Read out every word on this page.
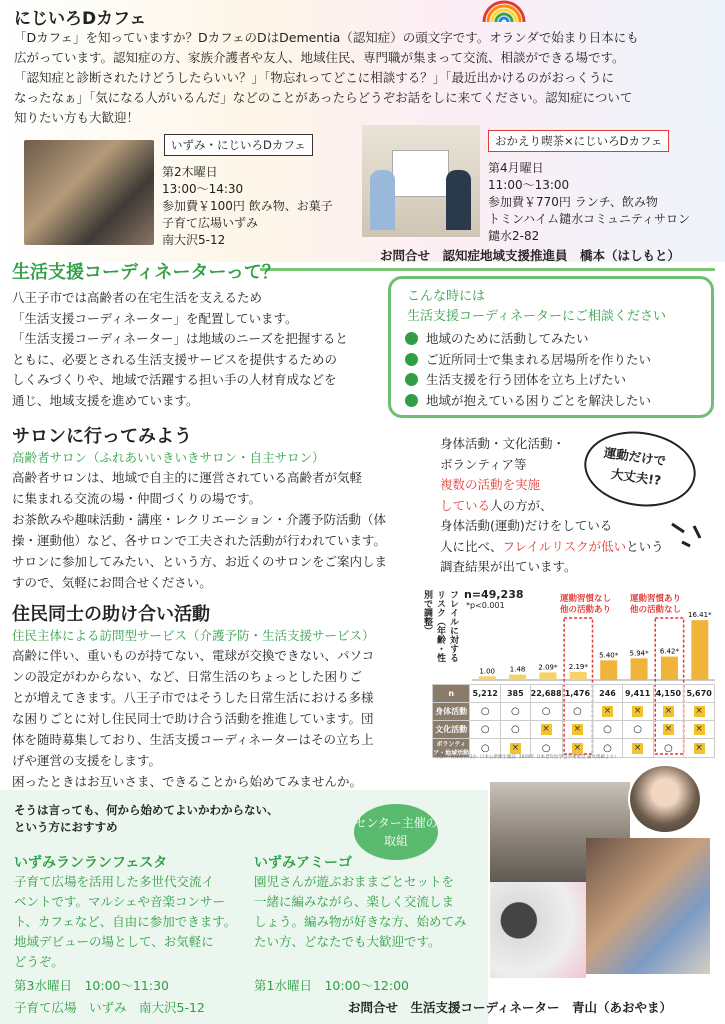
にじいろDカフェ
「Dカフェ」を知っていますか？DカフェのDはDementia（認知症）の頭文字です。オランダで始まり日本にも
広がっています。認知症の方、家族介護者や友人、地域住民、専門職が集まって交流、相談ができる場です。
「認知症と診断されたけどうしたらいい？」「物忘れってどこに相談する？」「最近出かけるのがおっくうに
なったなぁ」「気になる人がいるんだ」などのことがあったらどうぞお話をしに来てください。認知症について
知りたい方も大歓迎！
いずみ・にじいろDカフェ
第2木曜日
13:00～14:30
参加費￥100円 飲み物、お菓子
子育て広場いずみ
南大沢5-12
おかえり喫茶×にじいろDカフェ
第4月曜日
11:00～13:00
参加費￥770円 ランチ、飲み物
トミンハイム鑓水コミュニティサロン
鑓水2-82
お問合せ　認知症地域支援推進員　橋本（はしもと）
生活支援コーディネーターって？
八王子市では高齢者の在宅生活を支えるため
「生活支援コーディネーター」を配置しています。
「生活支援コーディネーター」は地域のニーズを把握すると
ともに、必要とされる生活支援サービスを提供するための
しくみづくりや、地域で活躍する担い手の人材育成などを
通じ、地域支援を進めています。
こんな時には
生活支援コーディネーターにご相談ください
地域のために活動してみたい
ご近所同士で集まれる居場所を作りたい
生活支援を行う団体を立ち上げたい
地域が抱えている困りごとを解決したい
サロンに行ってみよう
高齢者サロン（ふれあいいきいきサロン・自主サロン）
高齢者サロンは、地域で自主的に運営されている高齢者が気軽
に集まれる交流の場・仲間づくりの場です。
お茶飲みや趣味活動・講座・レクリエーション・介護予防活動（体
操・運動他）など、各サロンで工夫された活動が行われています。
サロンに参加してみたい、という方、お近くのサロンをご案内しま
すので、気軽にお問合せください。
身体活動・文化活動・
ボランティア等
複数の活動を実施
している人の方が、
身体活動(運動)だけをしている
人に比べ、フレイルリスクが低いという
調査結果が出ています。
運動だけで
大丈夫!?
フレイルに対するリスク（年齢・性別で調整）	n=49,238
*p<0.001
運動習慣なし
他の活動あり
運動習慣あり
他の活動なし
1.00 1.48 2.09* 2.19*
5.40* 5.94* 6.42*
16.41*
n	5,212	385	22,688	1,476	246	9,411	4,150	5,670
身体活動	○	○	○	○	×	×	×	×
文化活動	○	○	×	×	○	○	×	×
ボランティア・地域活動	○	×	○	×	○	×	○	×
（出典：吉澤裕世ほか. 日本公衆衛生雑誌. 2019年 日本老年医学会学術集会 論文掲載より）
住民同士の助け合い活動
住民主体による訪問型サービス（介護予防・生活支援サービス）
高齢に伴い、重いものが持てない、電球が交換できない、パソコ
ンの設定がわからない、など、日常生活のちょっとした困りご
とが増えてきます。八王子市ではそうした日常生活における多様
な困りごとに対し住民同士で助け合う活動を推進しています。団
体を随時募集しており、生活支援コーディネーターはその立ち上
げや運営の支援をします。
困ったときはお互いさま、できることから始めてみませんか。
そうは言っても、何から始めてよいかわからない、
という方におすすめ	センター主催の
取組
いずみランランフェスタ
子育て広場を活用した多世代交流イ
ベントです。マルシェや音楽コンサー
ト、カフェなど、自由に参加できます。
地域デビューの場として、お気軽に
どうぞ。
第3水曜日　10:00～11:30
子育て広場　いずみ　南大沢5-12
いずみアミーゴ
園児さんが遊ぶおままごとセットを
一緒に編みながら、楽しく交流しま
しょう。編み物が好きな方、始めてみ
たい方、どなたでも大歓迎です。
第1水曜日　10:00～12:00
お問合せ　生活支援コーディネーター　青山（あおやま）
